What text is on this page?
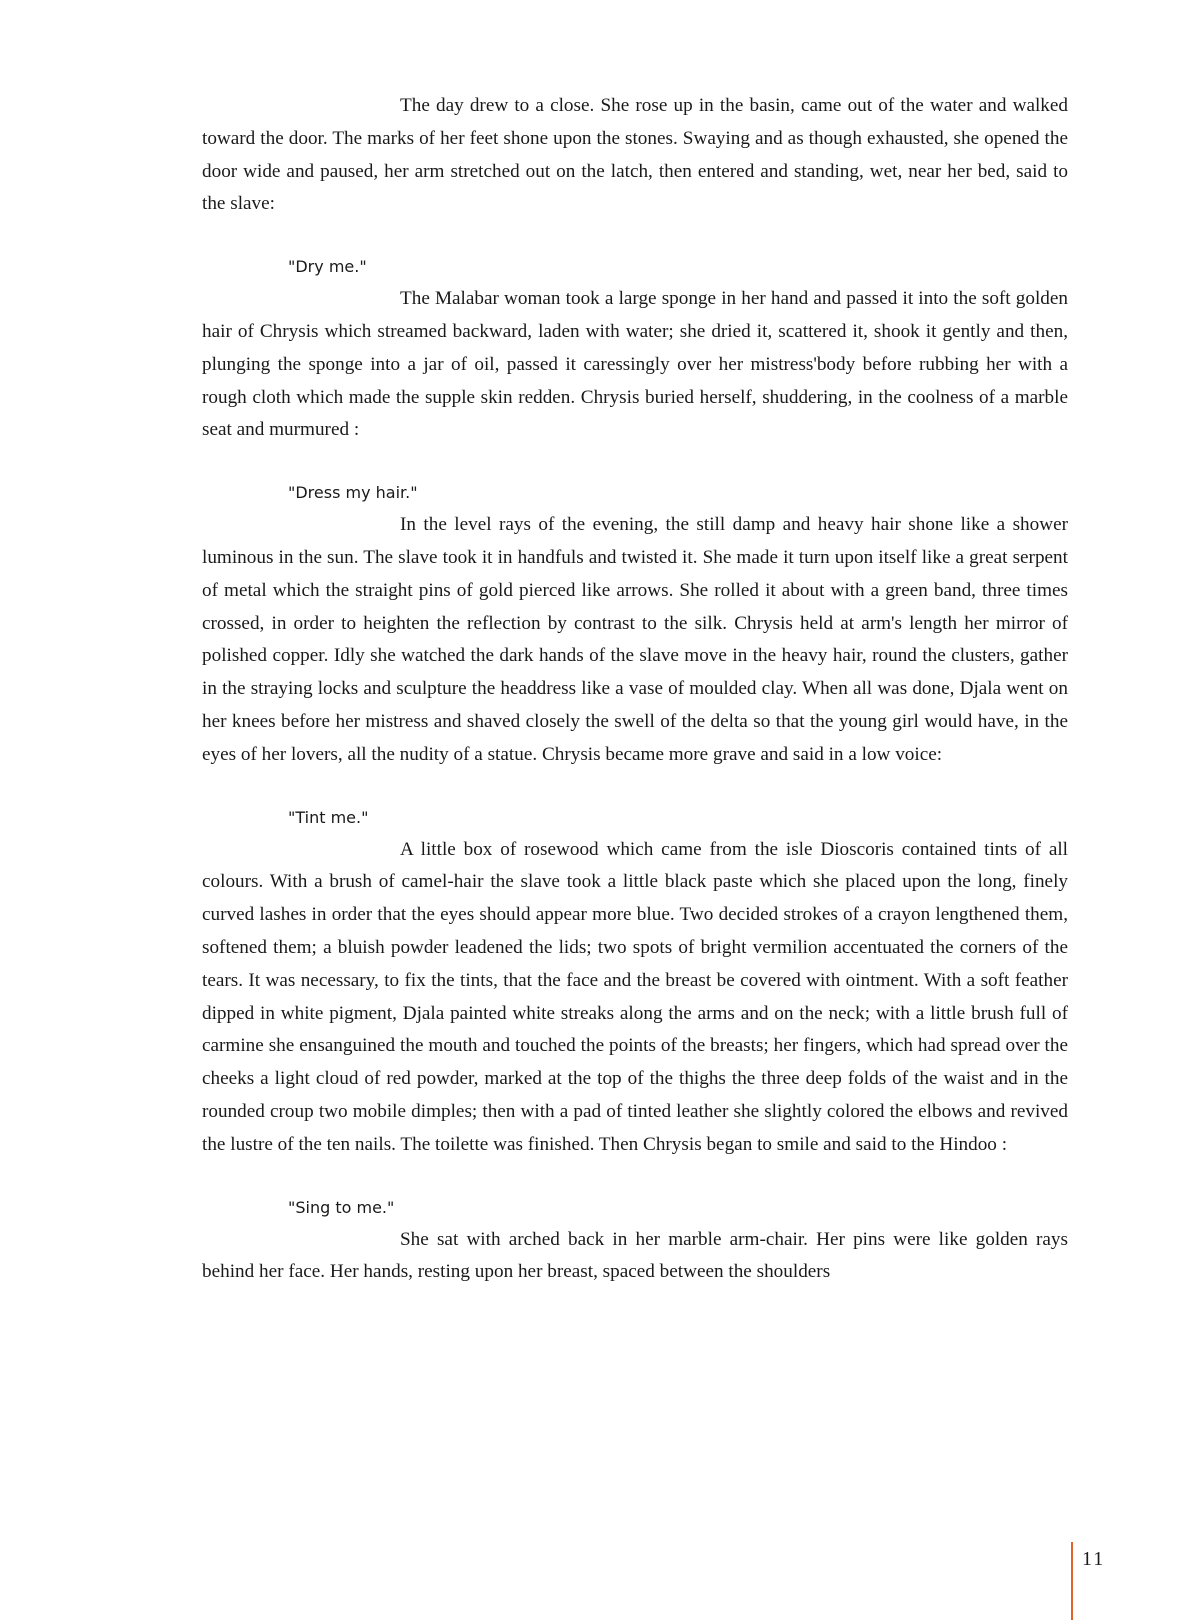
The day drew to a close. She rose up in the basin, came out of the water and walked toward the door. The marks of her feet shone upon the stones. Swaying and as though exhausted, she opened the door wide and paused, her arm stretched out on the latch, then entered and standing, wet, near her bed, said to the slave:

"Dry me."

The Malabar woman took a large sponge in her hand and passed it into the soft golden hair of Chrysis which streamed backward, laden with water; she dried it, scattered it, shook it gently and then, plunging the sponge into a jar of oil, passed it caressingly over her mistress'body before rubbing her with a rough cloth which made the supple skin redden. Chrysis buried herself, shuddering, in the coolness of a marble seat and murmured :

"Dress my hair."

In the level rays of the evening, the still damp and heavy hair shone like a shower luminous in the sun. The slave took it in handfuls and twisted it. She made it turn upon itself like a great serpent of metal which the straight pins of gold pierced like arrows. She rolled it about with a green band, three times crossed, in order to heighten the reflection by contrast to the silk. Chrysis held at arm's length her mirror of polished copper. Idly she watched the dark hands of the slave move in the heavy hair, round the clusters, gather in the straying locks and sculpture the headdress like a vase of moulded clay. When all was done, Djala went on her knees before her mistress and shaved closely the swell of the delta so that the young girl would have, in the eyes of her lovers, all the nudity of a statue. Chrysis became more grave and said in a low voice:

"Tint me."

A little box of rosewood which came from the isle Dioscoris contained tints of all colours. With a brush of camel-hair the slave took a little black paste which she placed upon the long, finely curved lashes in order that the eyes should appear more blue. Two decided strokes of a crayon lengthened them, softened them; a bluish powder leadened the lids; two spots of bright vermilion accentuated the corners of the tears. It was necessary, to fix the tints, that the face and the breast be covered with ointment. With a soft feather dipped in white pigment, Djala painted white streaks along the arms and on the neck; with a little brush full of carmine she ensanguined the mouth and touched the points of the breasts; her fingers, which had spread over the cheeks a light cloud of red powder, marked at the top of the thighs the three deep folds of the waist and in the rounded croup two mobile dimples; then with a pad of tinted leather she slightly colored the elbows and revived the lustre of the ten nails. The toilette was finished. Then Chrysis began to smile and said to the Hindoo :

"Sing to me."

She sat with arched back in her marble arm-chair. Her pins were like golden rays behind her face. Her hands, resting upon her breast, spaced between the shoulders

11
